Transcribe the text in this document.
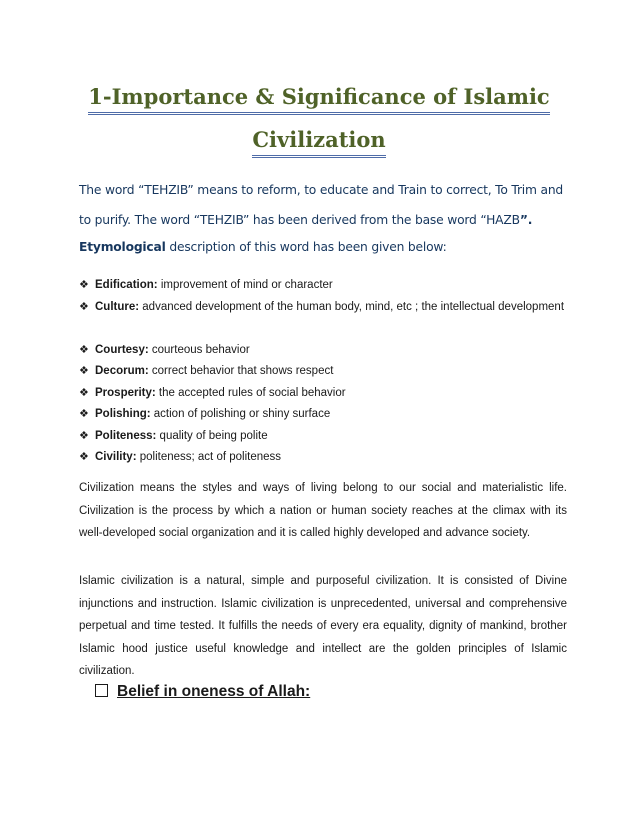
1-Importance & Significance of Islamic
Civilization
The word “TEHZIB” means to reform, to educate and Train to correct, To Trim and
to purify. The word “TEHZIB” has been derived from the base word “HAZB”.
Etymological description of this word has been given below:
❖ Edification: improvement of mind or character
❖ Culture: advanced development of the human body, mind, etc ; the intellectual development
❖ Courtesy: courteous behavior
❖ Decorum: correct behavior that shows respect
❖ Prosperity: the accepted rules of social behavior
❖ Polishing: action of polishing or shiny surface
❖ Politeness: quality of being polite
❖ Civility: politeness; act of politeness

Civilization means the styles and ways of living belong to our social and materialistic life. Civilization is the process by which a nation or human society reaches at the climax with its well-developed social organization and it is called highly developed and advance society.

Islamic civilization is a natural, simple and purposeful civilization. It is consisted of Divine injunctions and instruction. Islamic civilization is unprecedented, universal and comprehensive perpetual and time tested. It fulfills the needs of every era equality, dignity of mankind, brother Islamic hood justice useful knowledge and intellect are the golden principles of Islamic civilization.

Belief in oneness of Allah:
